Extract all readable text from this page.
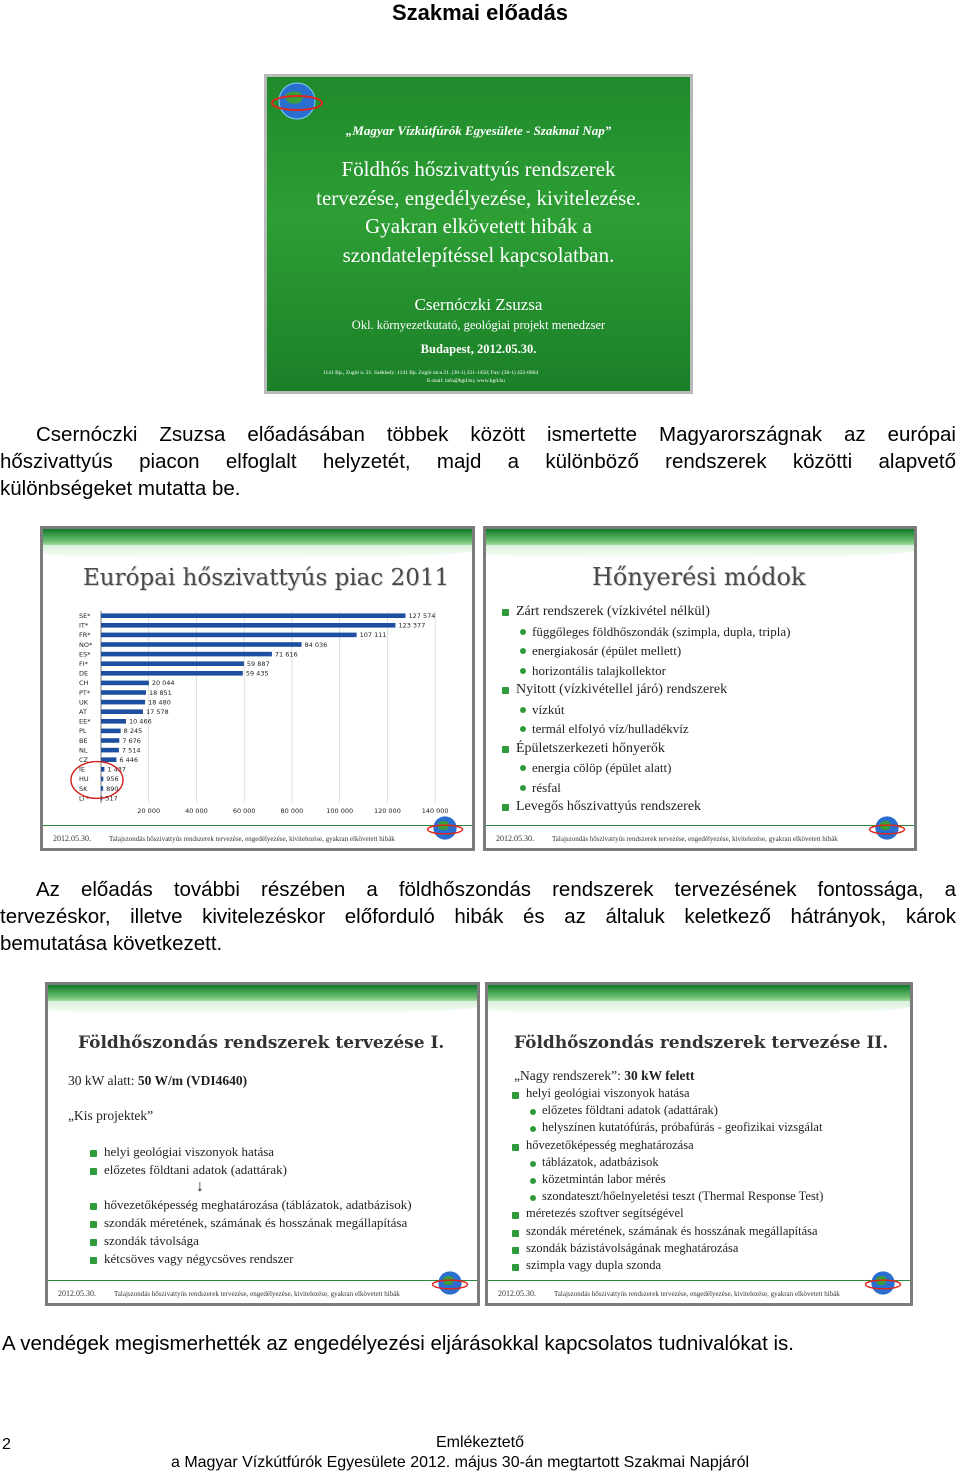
Szakmai előadás
„Magyar Vízkútfúrók Egyesülete - Szakmai Nap”
Földhős hőszivattyús rendszerek
tervezése, engedélyezése, kivitelezése.
Gyakran elkövetett hibák a
szondatelepítéssel kapcsolatban.
Csernóczki Zsuzsa
Okl. környezetkutató, geológiai projekt menedzser
Budapest, 2012.05.30.
1141 Bp., Zugló u. 21. Székhely: 1141 Bp. Zugló utca 21. (36-1) 221-1458; Fax: (36-1) 422-0004
E-mail: info@hgd.hu; www.hgd.hu
Csernóczki Zsuzsa előadásában többek között ismertette Magyarországnak az európai
hőszivattyús piacon elfoglalt helyzetét, majd a különböző rendszerek közötti alapvető
különbségeket mutatta be.
Európai hőszivattyús piac 2011
20 000	40 000	60 000	80 000	100 000	120 000	140 000
SE*	127 574
IT*	123 377
FR*	107 111
NO*	84 036
ES*	71 616
FI*	59 887
DE	59 435
CH	20 044
PT*	18 851
UK	18 480
AT	17 578
EE*	10 466
PL	8 245
BE	7 676
NL	7 514
CZ	6 446
IE	1 437
HU	956
SK	890
LT*	517
2012.05.30.	Talajszondás hőszivattyús rendszerek tervezése, engedélyezése, kivitelezése, gyakran elkövetett hibák
Hőnyerési módok
Zárt rendszerek (vízkivétel nélkül)
függőleges földhőszondák (szimpla, dupla, tripla)
energiakosár (épület mellett)
horizontális talajkollektor
Nyitott (vízkivétellel járó) rendszerek
vízkút
termál elfolyó víz/hulladékvíz
Épületszerkezeti hőnyerők
energia cölöp (épület alatt)
résfal
Levegős hőszivattyús rendszerek
2012.05.30.	Talajszondás hőszivattyús rendszerek tervezése, engedélyezése, kivitelezése, gyakran elkövetett hibák
Az előadás további részében a földhőszondás rendszerek tervezésének fontossága, a
tervezéskor, illetve kivitelezéskor előforduló hibák és az általuk keletkező hátrányok, károk
bemutatása következett.
Földhőszondás rendszerek tervezése I.
30 kW alatt: 50 W/m (VDI4640)
„Kis projektek”
helyi geológiai viszonyok hatása
előzetes földtani adatok (adattárak)
↓
hővezetőképesség meghatározása (táblázatok, adatbázisok)
szondák méretének, számának és hosszának megállapítása
szondák távolsága
kétcsöves vagy négycsöves rendszer
2012.05.30.	Talajszondás hőszivattyús rendszerek tervezése, engedélyezése, kivitelezése, gyakran elkövetett hibák
Földhőszondás rendszerek tervezése II.
„Nagy rendszerek”: 30 kW felett
helyi geológiai viszonyok hatása
előzetes földtani adatok (adattárak)
helyszínen kutatófúrás, próbafúrás - geofizikai vizsgálat
hővezetőképesség meghatározása
táblázatok, adatbázisok
közetmintán labor mérés
szondateszt/hőelnyeletési teszt (Thermal Response Test)
méretezés szoftver segítségével
szondák méretének, számának és hosszának megállapítása
szondák bázistávolságának meghatározása
szimpla vagy dupla szonda
2012.05.30.	Talajszondás hőszivattyús rendszerek tervezése, engedélyezése, kivitelezése, gyakran elkövetett hibák
A vendégek megismerhették az engedélyezési eljárásokkal kapcsolatos tudnivalókat is.
2	Emlékeztető
a Magyar Vízkútfúrók Egyesülete 2012. május 30-án megtartott Szakmai Napjáról
